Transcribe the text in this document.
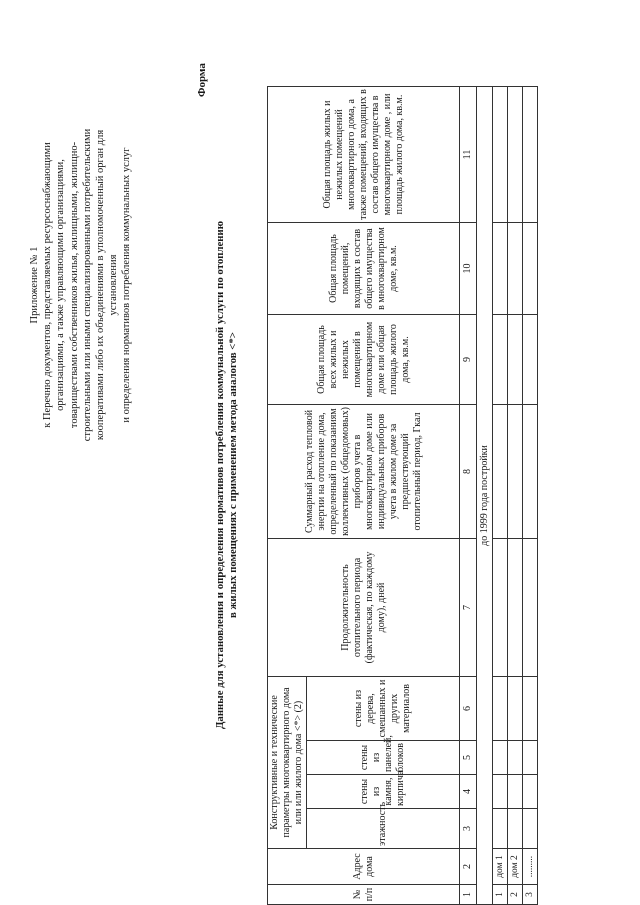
Приложение № 1 к Перечню документов, представляемых ресурсоснабжающими организациями, а также управляющими организациями, товариществами собственников жилья, жилищными, жилищно- строительными или иными специализированными потребительскими кооперативами либо их объединениями в уполномоченный орган для установления и определения нормативов потребления коммунальных услуг
Форма
Данные для установления и определения нормативов потребления коммунальной услуги по отоплению в жилых помещениях с применением метода аналогов <*>
№ п/п	Адрес дома	Конструктивные и технические параметры многоквартирного дома или или жилого дома <*> (2)				Продолжительность отопительного периода (фактическая, по каждому дому), дней	Суммарный расход тепловой энергии на отопление дома, определенный по показаниям коллективных (общедомовых) приборов учета в многоквартирном доме или индивидуальных приборов учета в жилом доме за предшествующий отопительный период, Гкал	Общая площадь всех жилых и нежилых помещений в многоквартирном доме или общая площадь жилого дома, кв.м.	Общая площадь помещений, входящих в состав общего имущества в многоквартирном доме, кв.м.	Общая площадь жилых и нежилых помещений многоквартирного дома, а также помещений, входящих в состав общего имущества в многоквартирном доме , или площадь жилого дома, кв.м.

		этажность	стены из камня, кирпича	стены из панелей, блоков	стены из дерева, смешанных и других материалов					
1	2	3	4	5	6	7	8	9	10	11
до 1999 года постройки										
1	дом 1									
2	дом 2									
3	.........									
